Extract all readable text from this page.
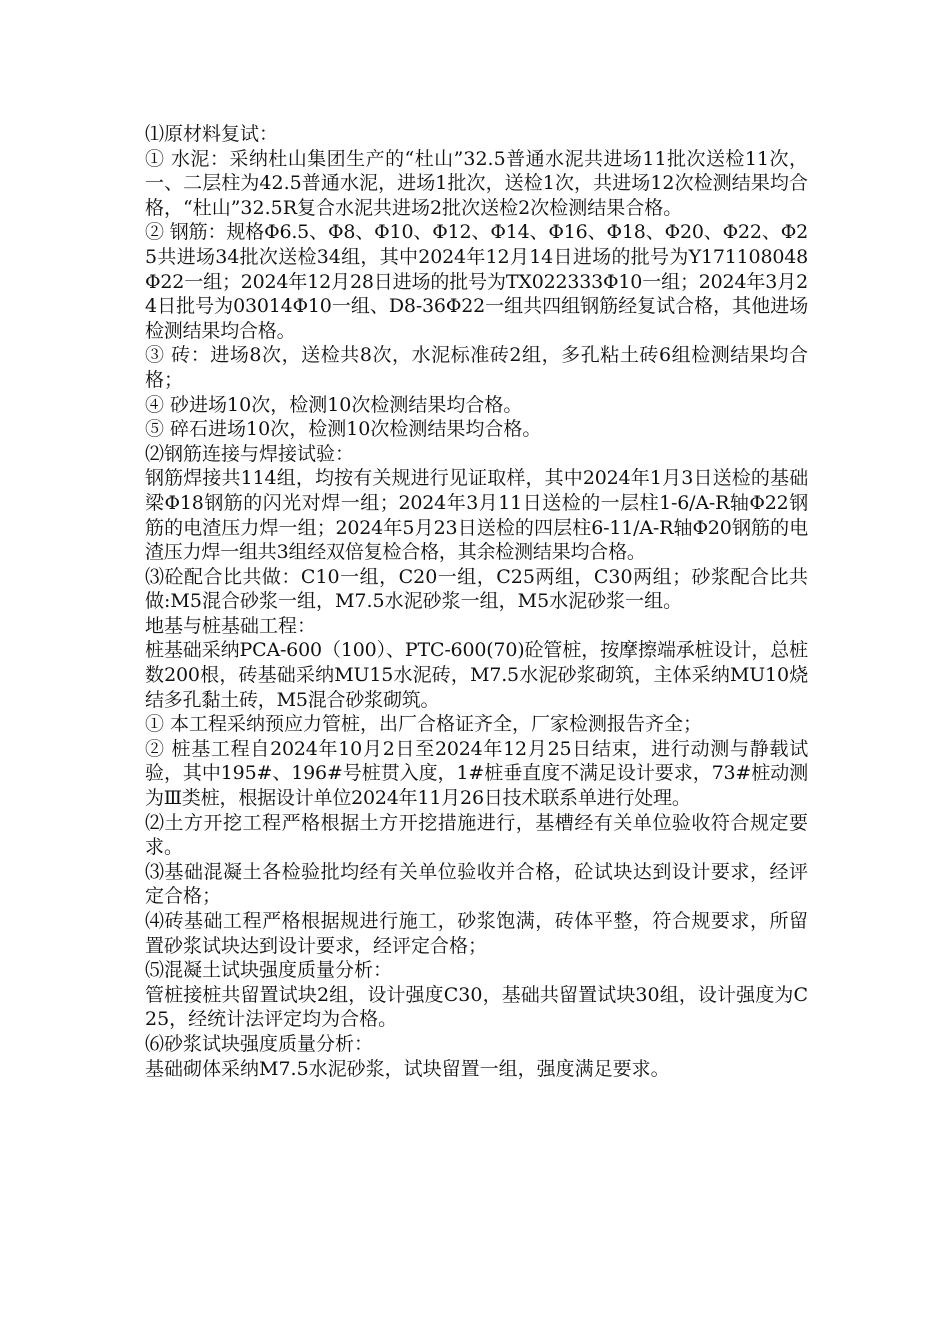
⑴原材料复试：

① 水泥：采纳杜山集团生产的“杜山”32.5普通水泥共进场11批次送检11次，一、二层柱为42.5普通水泥，进场1批次，送检1次，共进场12次检测结果均合格，“杜山”32.5R复合水泥共进场2批次送检2次检测结果合格。

② 钢筋：规格Φ6.5、Φ8、Φ10、Φ12、Φ14、Φ16、Φ18、Φ20、Φ22、Φ25共进场34批次送检34组，其中2024年12月14日进场的批号为Y171108048Φ22一组；2024年12月28日进场的批号为TX022333Φ10一组；2024年3月24日批号为03014Φ10一组、D8-36Φ22一组共四组钢筋经复试合格，其他进场检测结果均合格。

③ 砖：进场8次，送检共8次，水泥标准砖2组，多孔粘土砖6组检测结果均合格；

④ 砂进场10次，检测10次检测结果均合格。

⑤ 碎石进场10次，检测10次检测结果均合格。

⑵钢筋连接与焊接试验：

钢筋焊接共114组，均按有关规进行见证取样，其中2024年1月3日送检的基础梁Φ18钢筋的闪光对焊一组；2024年3月11日送检的一层柱1-6/A-R轴Φ22钢筋的电渣压力焊一组；2024年5月23日送检的四层柱6-11/A-R轴Φ20钢筋的电渣压力焊一组共3组经双倍复检合格，其余检测结果均合格。

⑶砼配合比共做：C10一组，C20一组，C25两组，C30两组；砂浆配合比共做:M5混合砂浆一组，M7.5水泥砂浆一组，M5水泥砂浆一组。

地基与桩基础工程：

桩基础采纳PCA-600（100）、PTC-600(70)砼管桩，按摩擦端承桩设计，总桩数200根，砖基础采纳MU15水泥砖，M7.5水泥砂浆砌筑，主体采纳MU10烧结多孔黏土砖，M5混合砂浆砌筑。

① 本工程采纳预应力管桩，出厂合格证齐全，厂家检测报告齐全；

② 桩基工程自2024年10月2日至2024年12月25日结束，进行动测与静载试验，其中195#、196#号桩贯入度，1#桩垂直度不满足设计要求，73#桩动测为Ⅲ类桩，根据设计单位2024年11月26日技术联系单进行处理。

⑵土方开挖工程严格根据土方开挖措施进行，基槽经有关单位验收符合规定要求。

⑶基础混凝土各检验批均经有关单位验收并合格，砼试块达到设计要求，经评定合格；

⑷砖基础工程严格根据规进行施工，砂浆饱满，砖体平整，符合规要求，所留置砂浆试块达到设计要求，经评定合格；

⑸混凝土试块强度质量分析：

管桩接桩共留置试块2组，设计强度C30，基础共留置试块30组，设计强度为C25，经统计法评定均为合格。

⑹砂浆试块强度质量分析：

基础砌体采纳M7.5水泥砂浆，试块留置一组，强度满足要求。
